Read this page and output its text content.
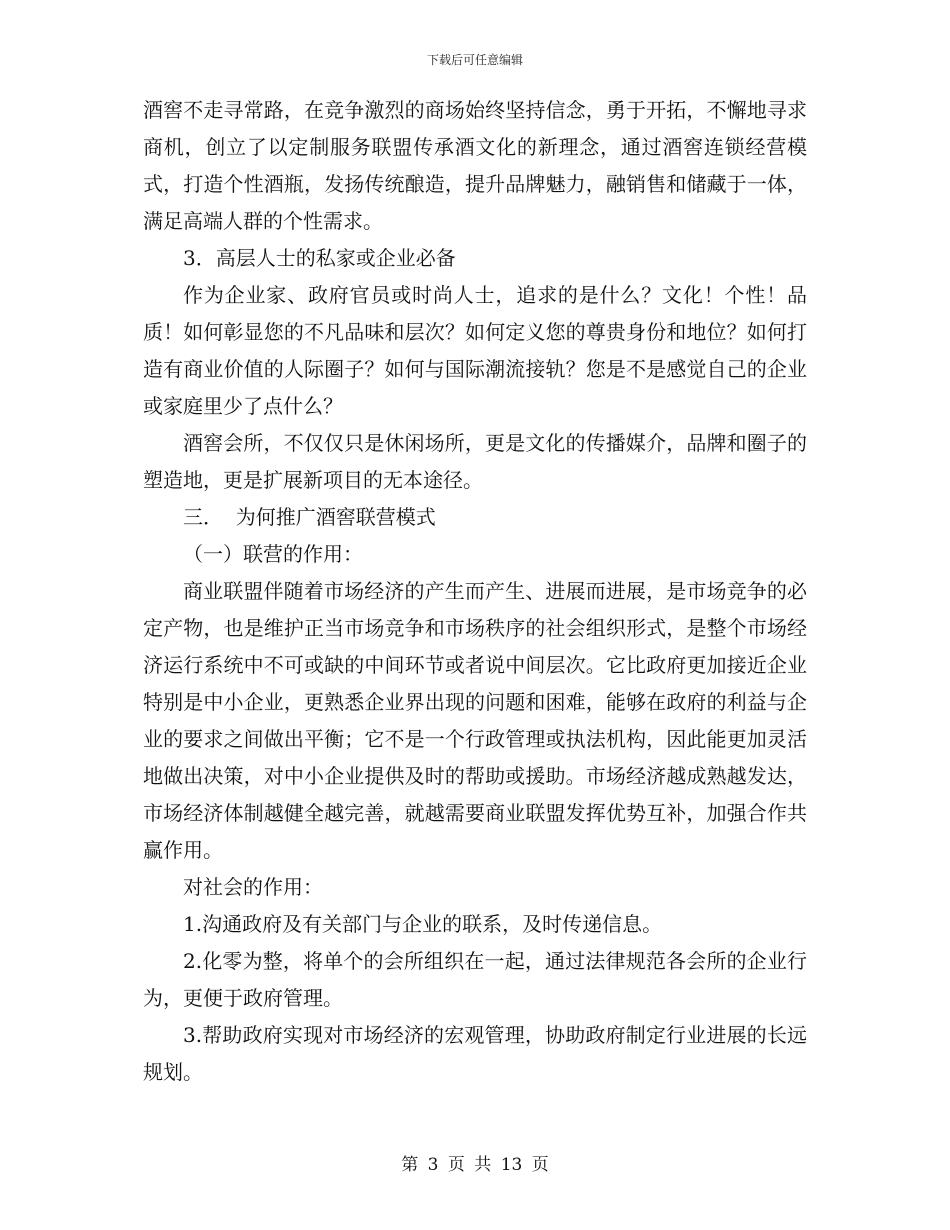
下载后可任意编辑

酒窖不走寻常路，在竞争激烈的商场始终坚持信念，勇于开拓，不懈地寻求商机，创立了以定制服务联盟传承酒文化的新理念，通过酒窖连锁经营模式，打造个性酒瓶，发扬传统酿造，提升品牌魅力，融销售和储藏于一体，满足高端人群的个性需求。

3．高层人士的私家或企业必备

作为企业家、政府官员或时尚人士，追求的是什么？文化！个性！品质！如何彰显您的不凡品味和层次？如何定义您的尊贵身份和地位？如何打造有商业价值的人际圈子？如何与国际潮流接轨？您是不是感觉自己的企业或家庭里少了点什么？

酒窖会所，不仅仅只是休闲场所，更是文化的传播媒介，品牌和圈子的塑造地，更是扩展新项目的无本途径。

三．  为何推广酒窖联营模式

（一）联营的作用：

商业联盟伴随着市场经济的产生而产生、进展而进展，是市场竞争的必定产物，也是维护正当市场竞争和市场秩序的社会组织形式，是整个市场经济运行系统中不可或缺的中间环节或者说中间层次。它比政府更加接近企业特别是中小企业，更熟悉企业界出现的问题和困难，能够在政府的利益与企业的要求之间做出平衡；它不是一个行政管理或执法机构，因此能更加灵活地做出决策，对中小企业提供及时的帮助或援助。市场经济越成熟越发达，市场经济体制越健全越完善，就越需要商业联盟发挥优势互补，加强合作共赢作用。

对社会的作用：

1.沟通政府及有关部门与企业的联系，及时传递信息。

2.化零为整，将单个的会所组织在一起，通过法律规范各会所的企业行为，更便于政府管理。

3.帮助政府实现对市场经济的宏观管理，协助政府制定行业进展的长远规划。

第 3 页 共 13 页
